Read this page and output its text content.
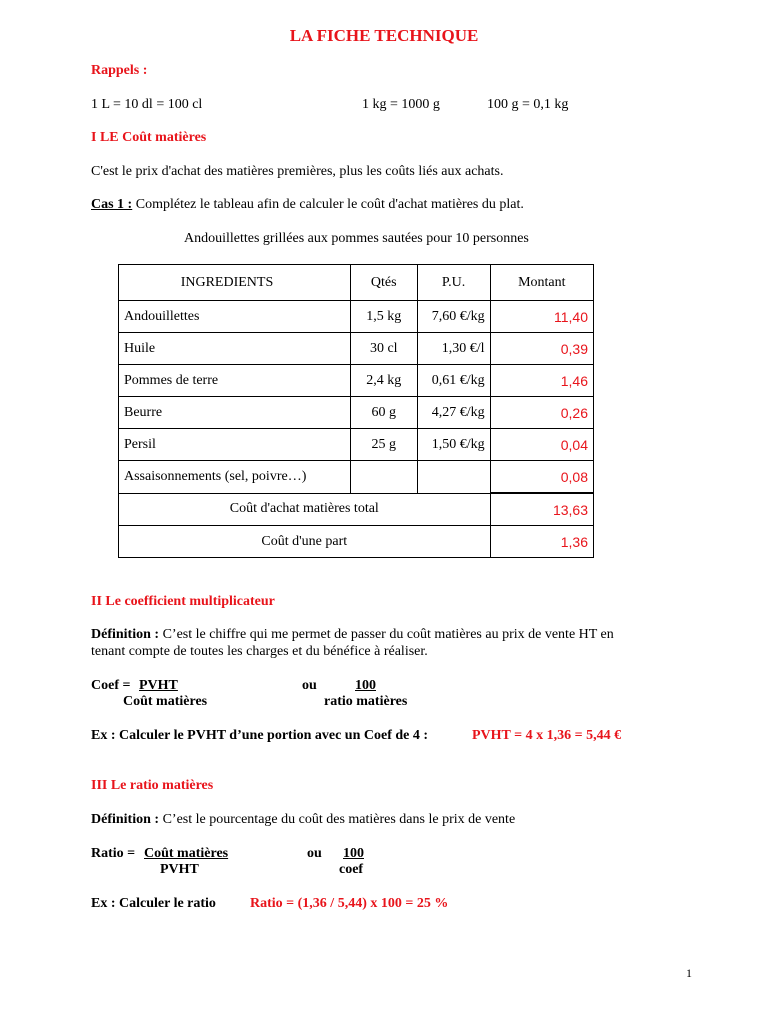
LA FICHE TECHNIQUE
Rappels :
1 L = 10 dl = 100 cl	1 kg = 1000 g	100 g = 0,1 kg
I LE Coût matières
C'est le prix d'achat des matières premières, plus les coûts liés aux achats.
Cas 1 : Complétez le tableau afin de calculer le coût d'achat matières du plat.
Andouillettes grillées aux pommes sautées pour 10 personnes
INGREDIENTS	Qtés	P.U.	Montant
Andouillettes	1,5 kg	7,60 €/kg	11,40
Huile	30 cl	1,30 €/l	0,39
Pommes de terre	2,4 kg	0,61 €/kg	1,46
Beurre	60 g	4,27 €/kg	0,26
Persil	25 g	1,50 €/kg	0,04
Assaisonnements (sel, poivre…)			0,08
Coût d'achat matières total			13,63
Coût d'une part			1,36
II Le coefficient multiplicateur
Définition : C’est le chiffre qui me permet de passer du coût matières au prix de vente HT en
tenant compte de toutes les charges et du bénéfice à réaliser.
Coef = PVHT
Coût matières
ou	100
ratio matières
Ex : Calculer le PVHT d’une portion avec un Coef de 4 :	PVHT = 4 x 1,36 = 5,44 €
III Le ratio matières
Définition : C’est le pourcentage du coût des matières dans le prix de vente
Ratio = Coût matières
PVHT
ou 100
coef
Ex : Calculer le ratio Ratio = (1,36 / 5,44) x 100 = 25 %
1
